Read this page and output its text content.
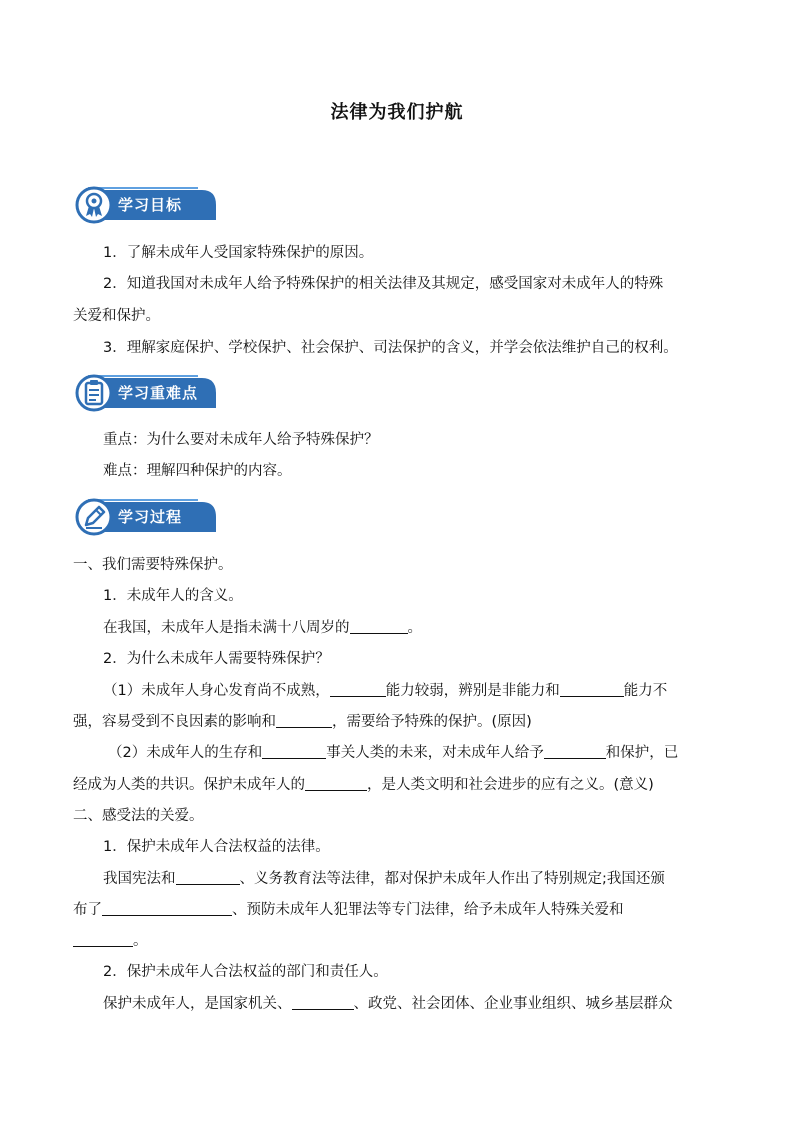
法律为我们护航
学习目标
1．了解未成年人受国家特殊保护的原因。
2．知道我国对未成年人给予特殊保护的相关法律及其规定，感受国家对未成年人的特殊
关爱和保护。
3．理解家庭保护、学校保护、社会保护、司法保护的含义，并学会依法维护自己的权利。
学习重难点
重点：为什么要对未成年人给予特殊保护？
难点：理解四种保护的内容。
学习过程
一、我们需要特殊保护。
1．未成年人的含义。
在我国，未成年人是指未满十八周岁的	。
2．为什么未成年人需要特殊保护？
（1）未成年人身心发育尚不成熟，	能力较弱，辨别是非能力和	能力不
强，容易受到不良因素的影响和	，需要给予特殊的保护。(原因)
（2）未成年人的生存和	事关人类的未来，对未成年人给予	和保护，已
经成为人类的共识。保护未成年人的	，是人类文明和社会进步的应有之义。(意义)
二、感受法的关爱。
1．保护未成年人合法权益的法律。
我国宪法和	、义务教育法等法律，都对保护未成年人作出了特别规定;我国还颁
布了	、预防未成年人犯罪法等专门法律，给予未成年人特殊关爱和
。
2．保护未成年人合法权益的部门和责任人。
保护未成年人，是国家机关、	、政党、社会团体、企业事业组织、城乡基层群众
